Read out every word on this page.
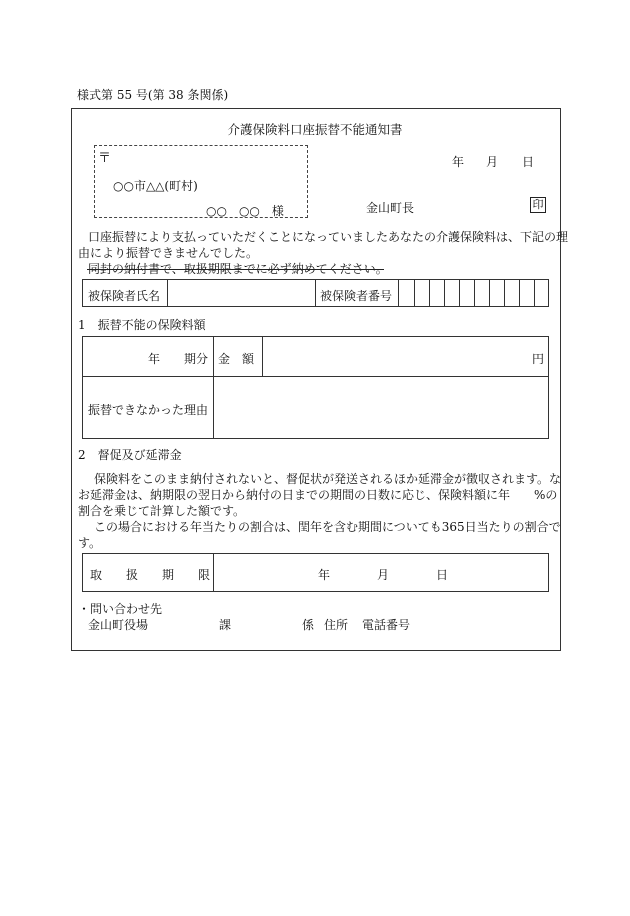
様式第 55 号(第 38 条関係)
介護保険料口座振替不能通知書
〒
○○市△△(町村)
○○　○○　様
年 月 日
金山町長	印
口座振替により支払っていただくことになっていましたあなたの介護保険料は、下記の理
由により振替できませんでした。
同封の納付書で、取扱期限までに必ず納めてください。
被保険者氏名	被保険者番号
1　振替不能の保険料額
年　　期分 金　額	円
振替できなかった理由
2　督促及び延滞金
保険料をこのまま納付されないと、督促状が発送されるほか延滞金が徴収されます。な
お延滞金は、納期限の翌日から納付の日までの期間の日数に応じ、保険料額に年　　%の
割合を乗じて計算した額です。
この場合における年当たりの割合は、閏年を含む期間についても365日当たりの割合で
す。
取　　扱　　期　　限	年	月	日
・問い合わせ先
金山町役場	課	係 住所 電話番号
